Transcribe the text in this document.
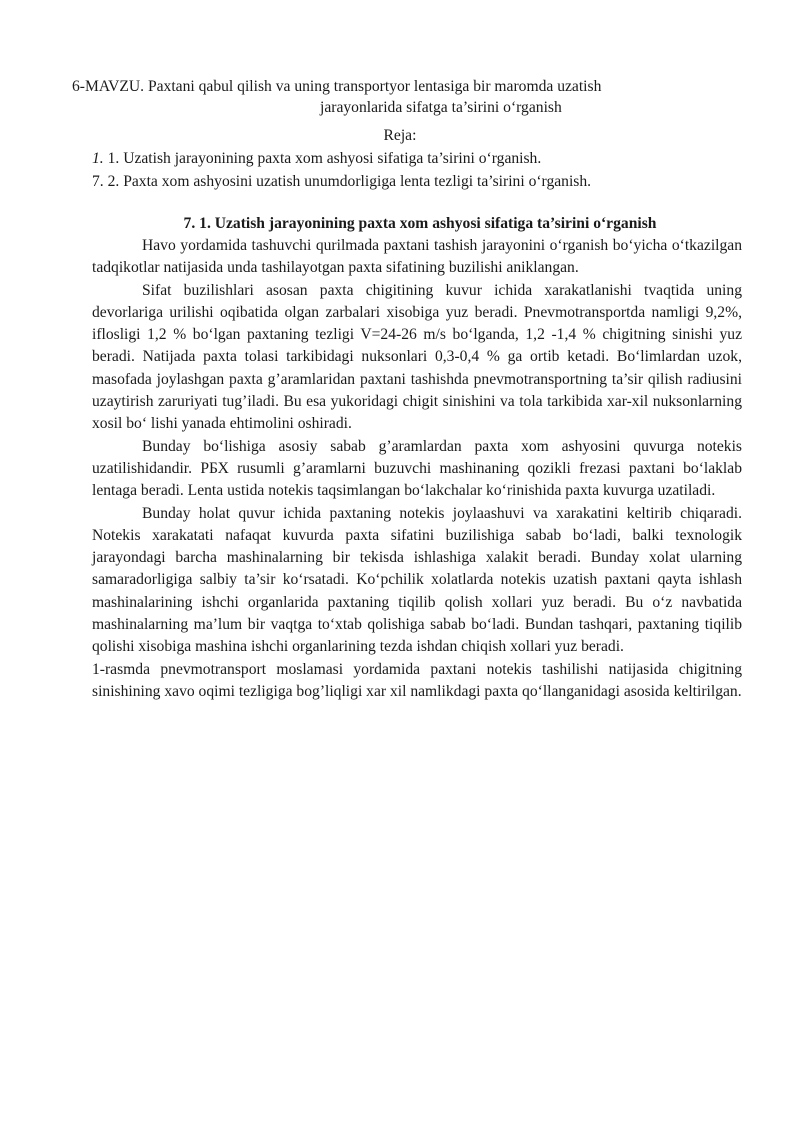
6-MAVZU. Paxtani qabul qilish va uning transportyor lentasiga bir maromda uzatish
jarayonlarida sifatga ta’sirini o‘rganish
Reja:
1. 1. Uzatish jarayonining paxta xom ashyosi sifatiga ta’sirini o‘rganish.
7. 2. Paxta xom ashyosini uzatish unumdorligiga lenta tezligi ta’sirini o‘rganish.
7. 1. Uzatish jarayonining paxta xom ashyosi sifatiga ta’sirini o‘rganish

Havo yordamida tashuvchi qurilmada paxtani tashish jarayonini o‘rganish bo‘yicha o‘tkazilgan tadqikotlar natijasida unda tashilayotgan paxta sifatining buzilishi aniklangan.

Sifat buzilishlari asosan paxta chigitining kuvur ichida xarakatlanishi tvaqtida uning devorlariga urilishi oqibatida olgan zarbalari xisobiga yuz beradi. Pnevmotransportda namligi 9,2%, iflosligi 1,2 % bo‘lgan paxtaning tezligi V=24-26 m/s bo‘lganda, 1,2 -1,4 % chigitning sinishi yuz beradi. Natijada paxta tolasi tarkibidagi nuksonlari 0,3-0,4 % ga ortib ketadi. Bo‘limlardan uzok, masofada joylashgan paxta g’aramlaridan paxtani tashishda pnevmotransportning ta’sir qilish radiusini uzaytirish zaruriyati tug’iladi. Bu esa yukoridagi chigit sinishini va tola tarkibida xar-xil nuksonlarning xosil bo‘ lishi yanada ehtimolini oshiradi.

Bunday bo‘lishiga asosiy sabab g’aramlardan paxta xom ashyosini quvurga notekis uzatilishidandir. РБХ rusumli g’aramlarni buzuvchi mashinaning qozikli frezasi paxtani bo‘laklab lentaga beradi. Lenta ustida notekis taqsimlangan bo‘lakchalar ko‘rinishida paxta kuvurga uzatiladi.

Bunday holat quvur ichida paxtaning notekis joylaashuvi va xarakatini keltirib chiqaradi. Notekis xarakatati nafaqat kuvurda paxta sifatini buzilishiga sabab bo‘ladi, balki texnologik jarayondagi barcha mashinalarning bir tekisda ishlashiga xalakit beradi. Bunday xolat ularning samaradorligiga salbiy ta’sir ko‘rsatadi. Ko‘pchilik xolatlarda notekis uzatish paxtani qayta ishlash mashinalarining ishchi organlarida paxtaning tiqilib qolish xollari yuz beradi. Bu o‘z navbatida mashinalarning ma’lum bir vaqtga to‘xtab qolishiga sabab bo‘ladi. Bundan tashqari, paxtaning tiqilib qolishi xisobiga mashina ishchi organlarining tezda ishdan chiqish xollari yuz beradi.

1-rasmda pnevmotransport moslamasi yordamida paxtani notekis tashilishi natijasida chigitning sinishining xavo oqimi tezligiga bog’liqligi xar xil namlikdagi paxta qo‘llanganidagi asosida keltirilgan.
